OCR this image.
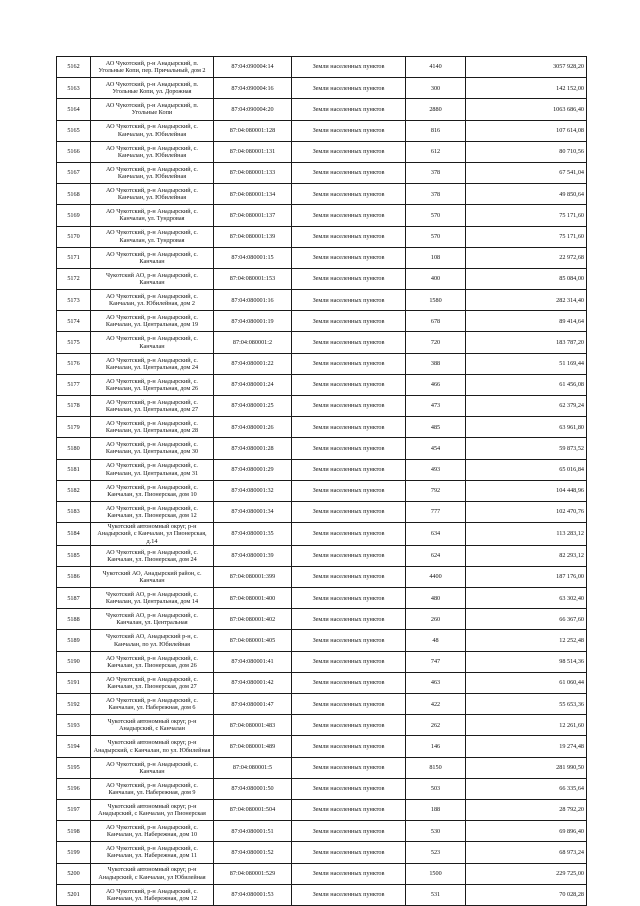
5162	АО Чукотский, р-н Анадырский, п. Угольные Копи, пер. Причальный, дом 2	87:04:090004:14	Земли населенных пунктов	4140	3057 928,20
5163	АО Чукотский, р-н Анадырский, п. Угольные Копи, ул. Дорожная	87:04:090004:16	Земли населенных пунктов	300	142 152,00
5164	АО Чукотский, р-н Анадырский, п. Угольные Копи	87:04:090004:20	Земли населенных пунктов	2880	1063 686,40
5165	АО Чукотский, р-н Анадырский, с. Канчалан, ул. Юбилейная	87:04:080001:128	Земли населенных пунктов	816	107 614,08
5166	АО Чукотский, р-н Анадырский, с. Канчалан, ул. Юбилейная	87:04:080001:131	Земли населенных пунктов	612	80 710,56
5167	АО Чукотский, р-н Анадырский, с. Канчалан, ул. Юбилейная	87:04:080001:133	Земли населенных пунктов	378	67 541,04
5168	АО Чукотский, р-н Анадырский, с. Канчалан, ул. Юбилейная	87:04:080001:134	Земли населенных пунктов	378	49 850,64
5169	АО Чукотский, р-н Анадырский, с. Канчалан, ул. Тундровая	87:04:080001:137	Земли населенных пунктов	570	75 171,60
5170	АО Чукотский, р-н Анадырский, с. Канчалан, ул. Тундровая	87:04:080001:139	Земли населенных пунктов	570	75 171,60
5171	АО Чукотский, р-н Анадырский, с. Канчалан	87:04:080001:15	Земли населенных пунктов	108	22 972,68
5172	Чукотский АО, р-н Анадырский, с. Канчалан	87:04:080001:153	Земли населенных пунктов	400	85 084,00
5173	АО Чукотский, р-н Анадырский, с. Канчалан, ул. Юбилейная, дом 2	87:04:080001:16	Земли населенных пунктов	1580	282 314,40
5174	АО Чукотский, р-н Анадырский, с. Канчалан, ул. Центральная, дом 19	87:04:080001:19	Земли населенных пунктов	678	89 414,64
5175	АО Чукотский, р-н Анадырский, с. Канчалан	87:04:080001:2	Земли населенных пунктов	720	183 787,20
5176	АО Чукотский, р-н Анадырский, с. Канчалан, ул. Центральная, дом 24	87:04:080001:22	Земли населенных пунктов	388	51 169,44
5177	АО Чукотский, р-н Анадырский, с. Канчалан, ул. Центральная, дом 26	87:04:080001:24	Земли населенных пунктов	466	61 456,08
5178	АО Чукотский, р-н Анадырский, с. Канчалан, ул. Центральная, дом 27	87:04:080001:25	Земли населенных пунктов	473	62 379,24
5179	АО Чукотский, р-н Анадырский, с. Канчалан, ул. Центральная, дом 28	87:04:080001:26	Земли населенных пунктов	485	63 961,80
5180	АО Чукотский, р-н Анадырский, с. Канчалан, ул. Центральная, дом 30	87:04:080001:28	Земли населенных пунктов	454	59 873,52
5181	АО Чукотский, р-н Анадырский, с. Канчалан, ул. Центральная, дом 31	87:04:080001:29	Земли населенных пунктов	493	65 016,84
5182	АО Чукотский, р-н Анадырский, с. Канчалан, ул. Пионерская, дом 10	87:04:080001:32	Земли населенных пунктов	792	104 448,96
5183	АО Чукотский, р-н Анадырский, с. Канчалан, ул. Пионерская, дом 12	87:04:080001:34	Земли населенных пунктов	777	102 470,76
5184	Чукотский автономный округ, р-н Анадырский, с Канчалан, ул Пионерская, д.14	87:04:080001:35	Земли населенных пунктов	634	113 283,12
5185	АО Чукотский, р-н Анадырский, с. Канчалан, ул. Пионерская, дом 24	87:04:080001:39	Земли населенных пунктов	624	82 293,12
5186	Чукотский АО, Анадырский район, с. Канчалан	87:04:080001:399	Земли населенных пунктов	4400	187 176,00
5187	Чукотский АО, р-н Анадырский, с. Канчалан, ул. Центральная, дом 14	87:04:080001:400	Земли населенных пунктов	480	63 302,40
5188	Чукотский АО, р-н Анадырский, с. Канчалан, ул. Центральная	87:04:080001:402	Земли населенных пунктов	260	66 367,60
5189	Чукотский АО, Анадырский р-н, с. Канчалан, по ул. Юбилейная	87:04:080001:405	Земли населенных пунктов	48	12 252,48
5190	АО Чукотский, р-н Анадырский, с. Канчалан, ул. Пионерская, дом 26	87:04:080001:41	Земли населенных пунктов	747	98 514,36
5191	АО Чукотский, р-н Анадырский, с. Канчалан, ул. Пионерская, дом 27	87:04:080001:42	Земли населенных пунктов	463	61 060,44
5192	АО Чукотский, р-н Анадырский, с. Канчалан, ул. Набережная, дом 6	87:04:080001:47	Земли населенных пунктов	422	55 653,36
5193	Чукотский автономный округ, р-н Анадырский, с Канчалан	87:04:080001:483	Земли населенных пунктов	262	12 261,60
5194	Чукотский автономный округ, р-н Анадырский, с Канчалан, по ул. Юбилейная	87:04:080001:489	Земли населенных пунктов	146	19 274,48
5195	АО Чукотский, р-н Анадырский, с. Канчалан	87:04:080001:5	Земли населенных пунктов	8150	281 990,50
5196	АО Чукотский, р-н Анадырский, с. Канчалан, ул. Набережная, дом 9	87:04:080001:50	Земли населенных пунктов	503	66 335,64
5197	Чукотский автономный округ, р-н Анадырский, с Канчалан, ул Пионерская	87:04:080001:504	Земли населенных пунктов	188	28 792,20
5198	АО Чукотский, р-н Анадырский, с. Канчалан, ул. Набережная, дом 10	87:04:080001:51	Земли населенных пунктов	530	69 896,40
5199	АО Чукотский, р-н Анадырский, с. Канчалан, ул. Набережная, дом 11	87:04:080001:52	Земли населенных пунктов	523	68 973,24
5200	Чукотский автономный округ, р-н Анадырский, с Канчалан, ул Юбилейная	87:04:080001:529	Земли населенных пунктов	1500	229 725,00
5201	АО Чукотский, р-н Анадырский, с. Канчалан, ул. Набережная, дом 12	87:04:080001:53	Земли населенных пунктов	531	70 028,28
